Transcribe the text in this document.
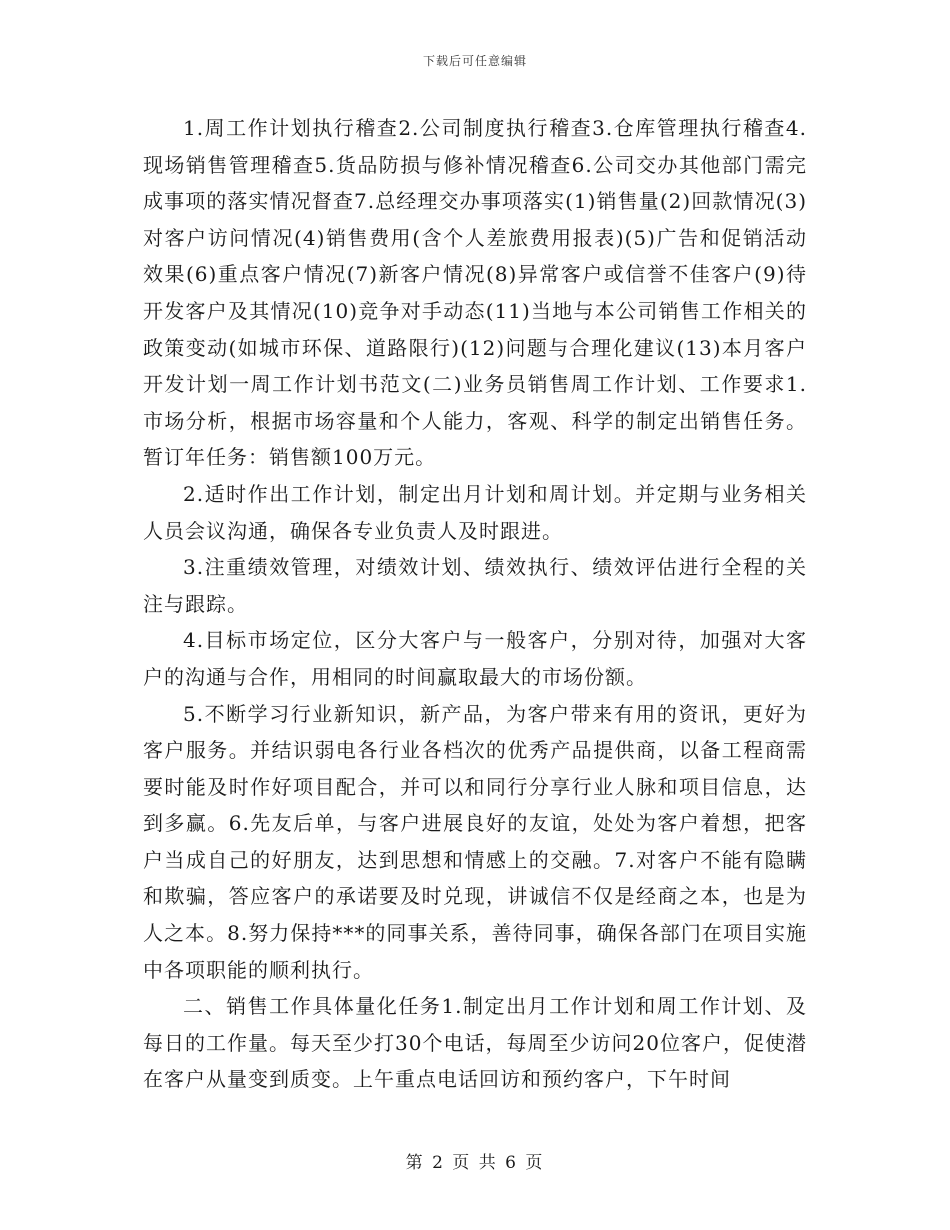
下载后可任意编辑

1.周工作计划执行稽查2.公司制度执行稽查3.仓库管理执行稽查4.现场销售管理稽查5.货品防损与修补情况稽查6.公司交办其他部门需完成事项的落实情况督查7.总经理交办事项落实(1)销售量(2)回款情况(3)对客户访问情况(4)销售费用(含个人差旅费用报表)(5)广告和促销活动效果(6)重点客户情况(7)新客户情况(8)异常客户或信誉不佳客户(9)待开发客户及其情况(10)竞争对手动态(11)当地与本公司销售工作相关的政策变动(如城市环保、道路限行)(12)问题与合理化建议(13)本月客户开发计划一周工作计划书范文(二)业务员销售周工作计划、工作要求1.市场分析，根据市场容量和个人能力，客观、科学的制定出销售任务。暂订年任务：销售额100万元。

2.适时作出工作计划，制定出月计划和周计划。并定期与业务相关人员会议沟通，确保各专业负责人及时跟进。

3.注重绩效管理，对绩效计划、绩效执行、绩效评估进行全程的关注与跟踪。

4.目标市场定位，区分大客户与一般客户，分别对待，加强对大客户的沟通与合作，用相同的时间赢取最大的市场份额。

5.不断学习行业新知识，新产品，为客户带来有用的资讯，更好为客户服务。并结识弱电各行业各档次的优秀产品提供商，以备工程商需要时能及时作好项目配合，并可以和同行分享行业人脉和项目信息，达到多赢。6.先友后单，与客户进展良好的友谊，处处为客户着想，把客户当成自己的好朋友，达到思想和情感上的交融。7.对客户不能有隐瞒和欺骗，答应客户的承诺要及时兑现，讲诚信不仅是经商之本，也是为人之本。8.努力保持***的同事关系，善待同事，确保各部门在项目实施中各项职能的顺利执行。

二、销售工作具体量化任务1.制定出月工作计划和周工作计划、及每日的工作量。每天至少打30个电话，每周至少访问20位客户，促使潜在客户从量变到质变。上午重点电话回访和预约客户，下午时间

第 2 页 共 6 页
